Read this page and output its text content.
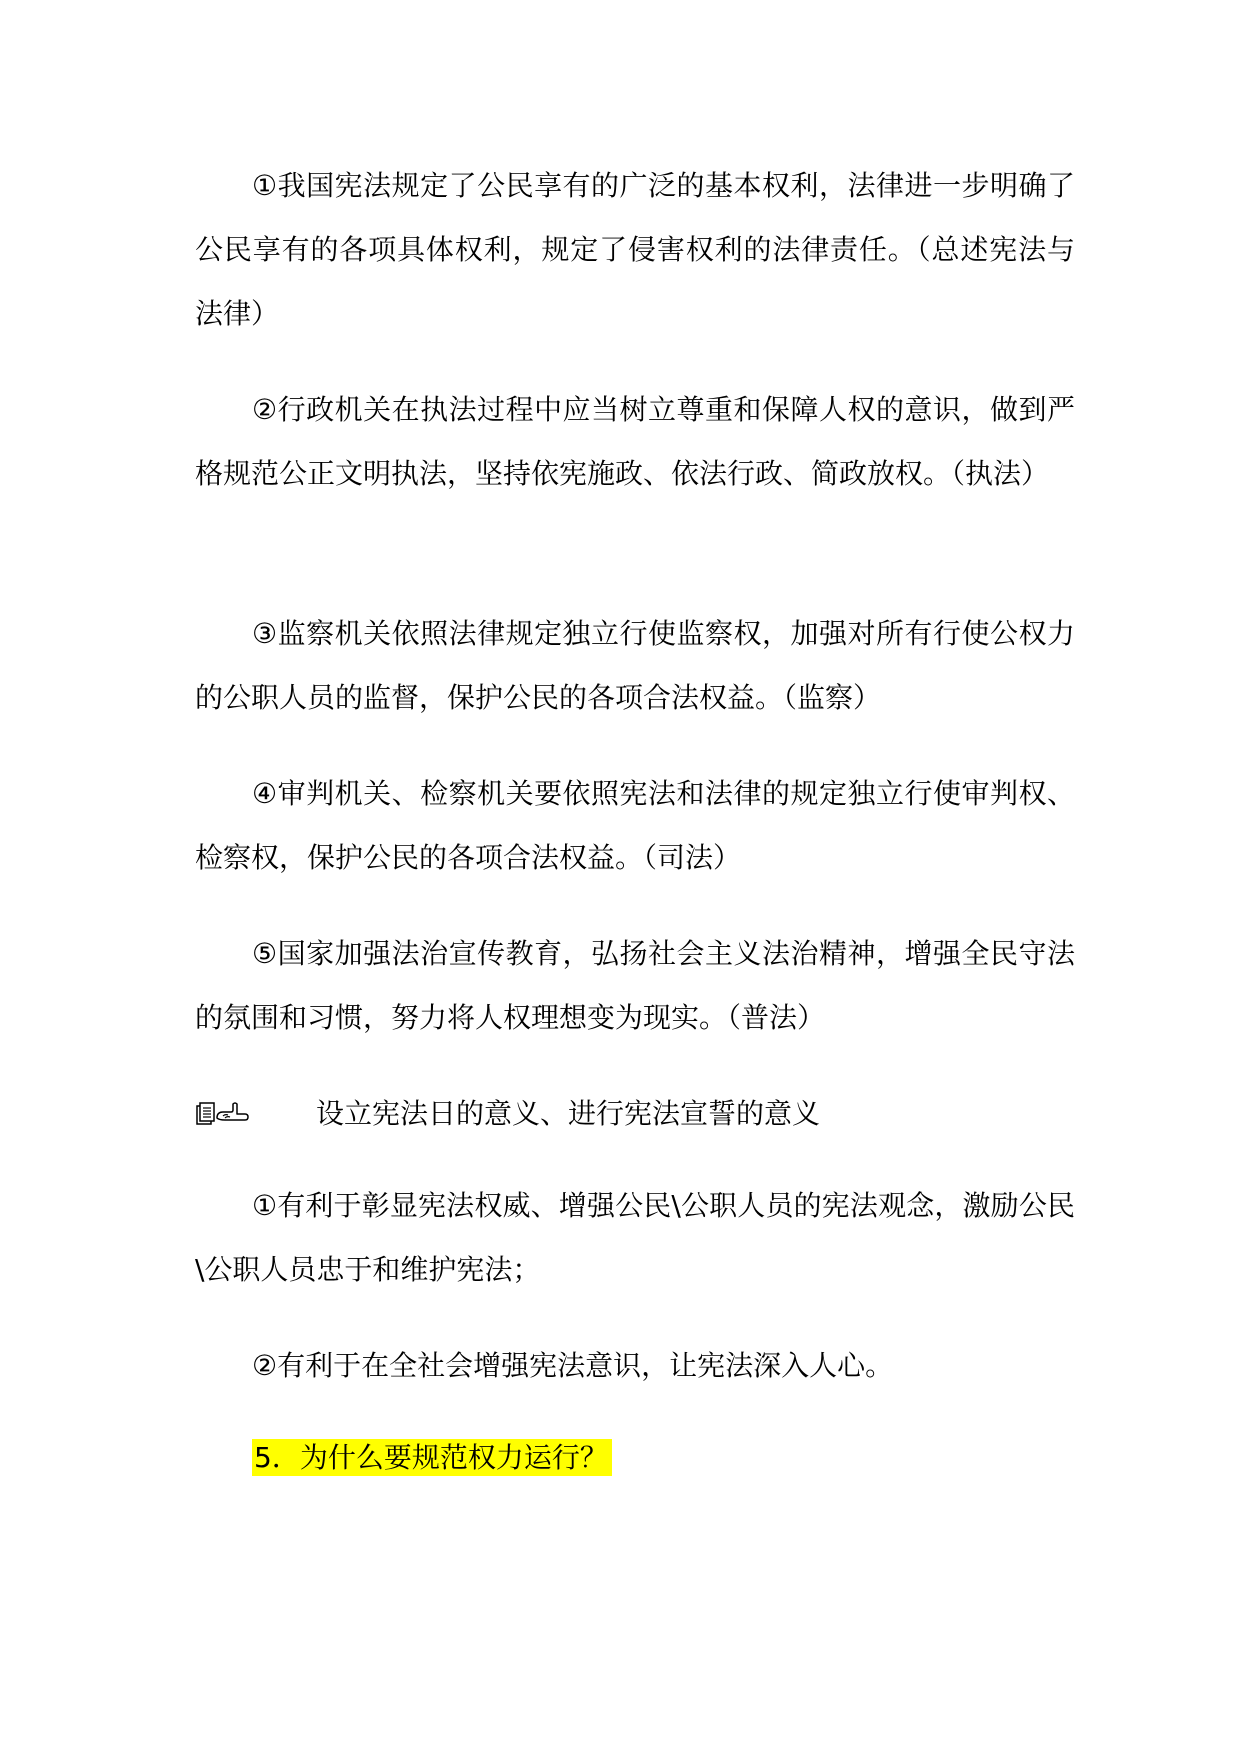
①我国宪法规定了公民享有的广泛的基本权利，法律进一步明确了公民享有的各项具体权利，规定了侵害权利的法律责任。（总述宪法与法律）

②行政机关在执法过程中应当树立尊重和保障人权的意识，做到严格规范公正文明执法，坚持依宪施政、依法行政、简政放权。（执法）

③监察机关依照法律规定独立行使监察权，加强对所有行使公权力的公职人员的监督，保护公民的各项合法权益。（监察）

④审判机关、检察机关要依照宪法和法律的规定独立行使审判权、检察权，保护公民的各项合法权益。（司法）

⑤国家加强法治宣传教育，弘扬社会主义法治精神，增强全民守法的氛围和习惯，努力将人权理想变为现实。（普法）

设立宪法日的意义、进行宪法宣誓的意义

①有利于彰显宪法权威、增强公民\公职人员的宪法观念，激励公民\公职人员忠于和维护宪法；

②有利于在全社会增强宪法意识，让宪法深入人心。

5．为什么要规范权力运行？
